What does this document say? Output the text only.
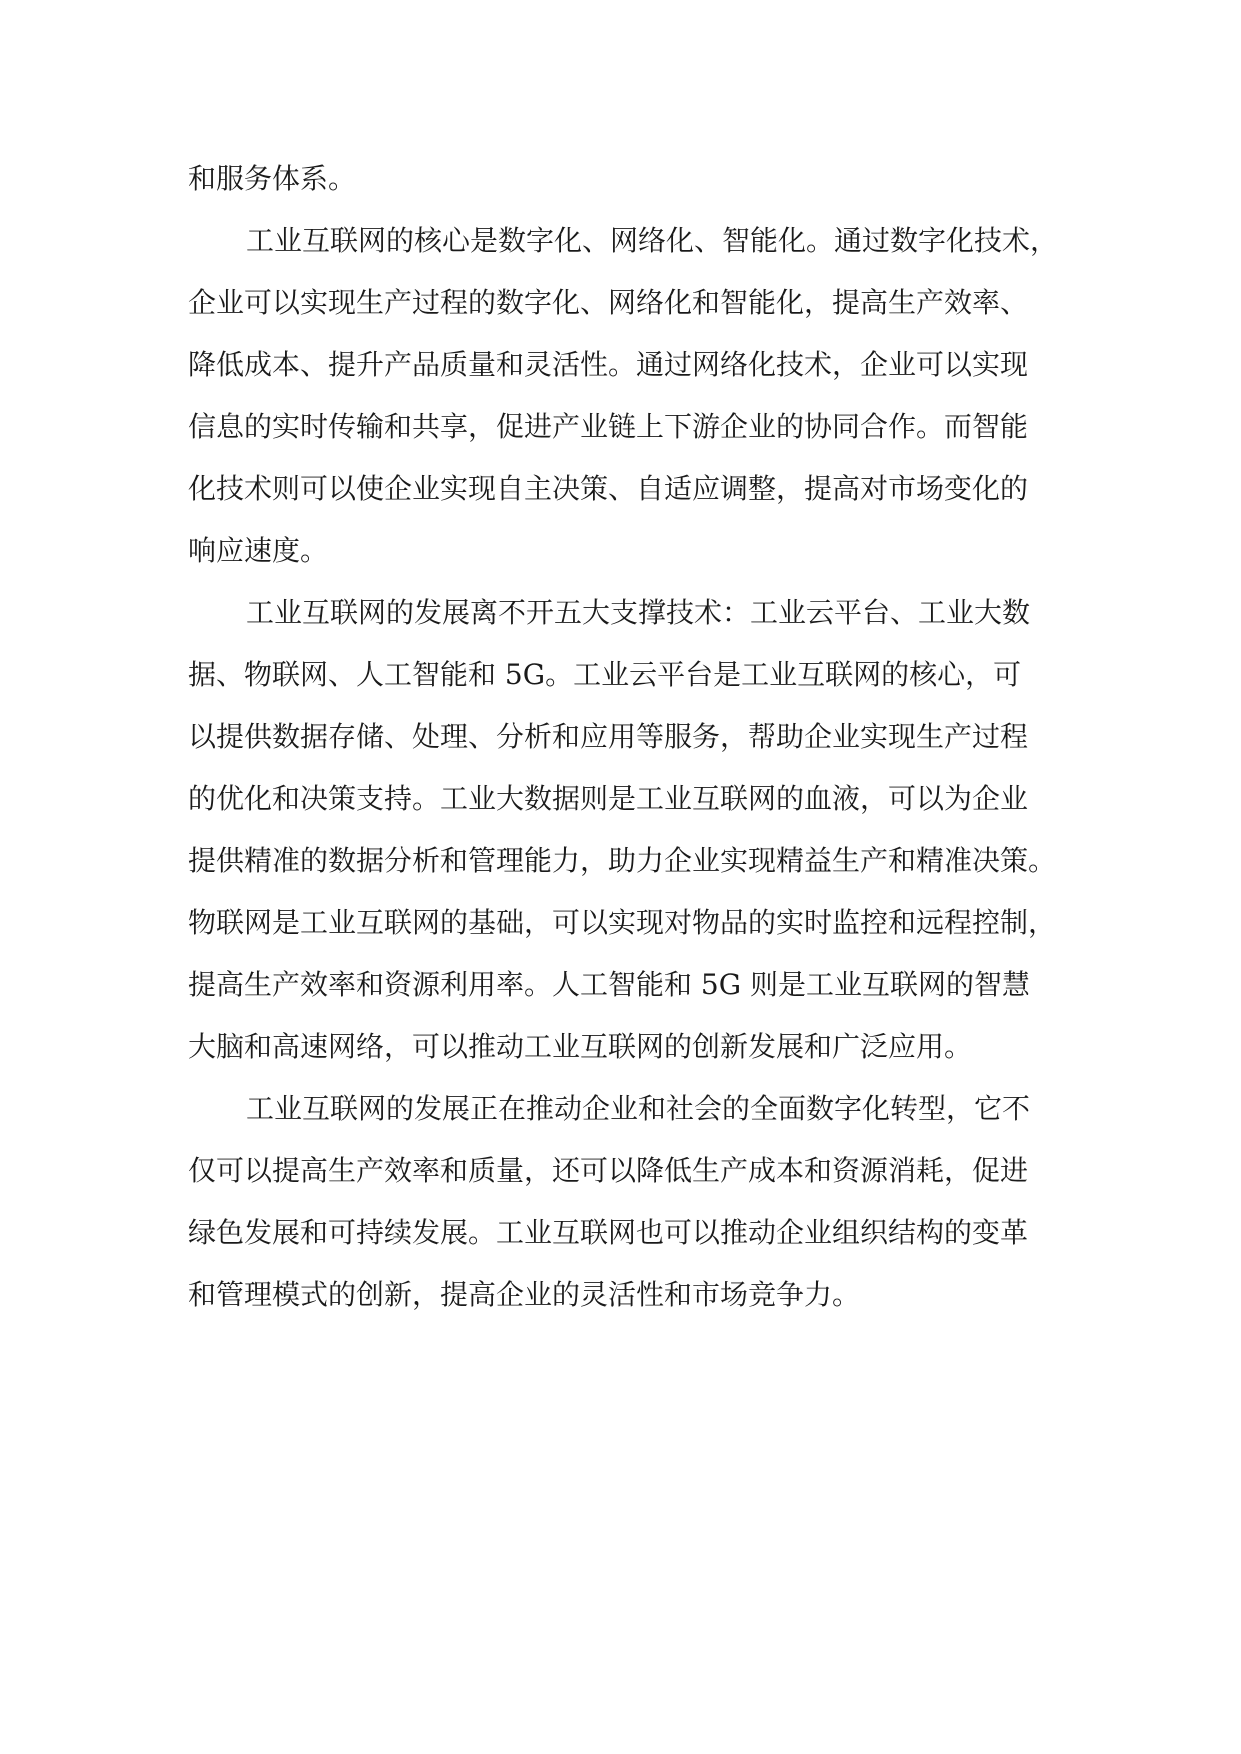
和服务体系。
工业互联网的核心是数字化、网络化、智能化。通过数字化技术，
企业可以实现生产过程的数字化、网络化和智能化，提高生产效率、
降低成本、提升产品质量和灵活性。通过网络化技术，企业可以实现
信息的实时传输和共享，促进产业链上下游企业的协同合作。而智能
化技术则可以使企业实现自主决策、自适应调整，提高对市场变化的
响应速度。
工业互联网的发展离不开五大支撑技术：工业云平台、工业大数
据、物联网、人工智能和 5G。工业云平台是工业互联网的核心，可
以提供数据存储、处理、分析和应用等服务，帮助企业实现生产过程
的优化和决策支持。工业大数据则是工业互联网的血液，可以为企业
提供精准的数据分析和管理能力，助力企业实现精益生产和精准决策。
物联网是工业互联网的基础，可以实现对物品的实时监控和远程控制，
提高生产效率和资源利用率。人工智能和 5G 则是工业互联网的智慧
大脑和高速网络，可以推动工业互联网的创新发展和广泛应用。
工业互联网的发展正在推动企业和社会的全面数字化转型，它不
仅可以提高生产效率和质量，还可以降低生产成本和资源消耗，促进
绿色发展和可持续发展。工业互联网也可以推动企业组织结构的变革
和管理模式的创新，提高企业的灵活性和市场竞争力。
